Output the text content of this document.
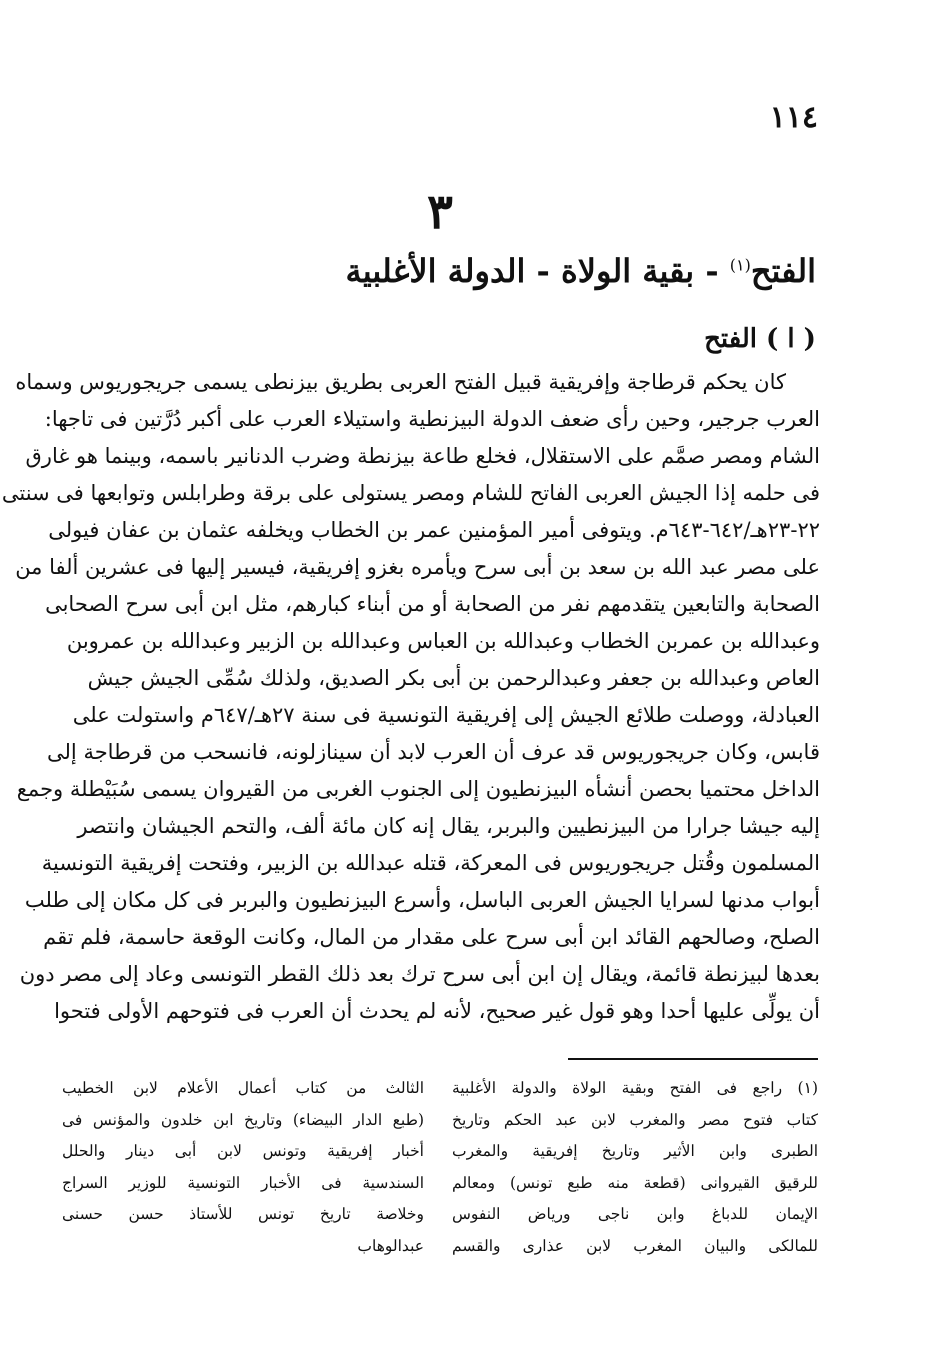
١١٤
٣
الفتح$^{(١)}$ - بقية الولاة - الدولة الأغلبية
( ا ) الفتح
كان يحكم قرطاجة وإفريقية قبيل الفتح العربى بطريق بيزنطى يسمى جريجوريوس وسماه
العرب جرجير، وحين رأى ضعف الدولة البيزنطية واستيلاء العرب على أكبر دُرَّتين فى تاجها:
الشام ومصر صمَّم على الاستقلال، فخلع طاعة بيزنطة وضرب الدنانير باسمه، وبينما هو غارق
فى حلمه إذا الجيش العربى الفاتح للشام ومصر يستولى على برقة وطرابلس وتوابعها فى سنتى
٢٢-٢٣هـ/٦٤٢-٦٤٣م. ويتوفى أمير المؤمنين عمر بن الخطاب ويخلفه عثمان بن عفان فيولى
على مصر عبد الله بن سعد بن أبى سرح ويأمره بغزو إفريقية، فيسير إليها فى عشرين ألفا من
الصحابة والتابعين يتقدمهم نفر من الصحابة أو من أبناء كبارهم، مثل ابن أبى سرح الصحابى
وعبدالله بن عمربن الخطاب وعبدالله بن العباس وعبدالله بن الزبير وعبدالله بن عمروبن
العاص وعبدالله بن جعفر وعبدالرحمن بن أبى بكر الصديق، ولذلك سُمِّى الجيش جيش
العبادلة، ووصلت طلائع الجيش إلى إفريقية التونسية فى سنة ٢٧هـ/٦٤٧م واستولت على
قابس، وكان جريجوريوس قد عرف أن العرب لابد أن سينازلونه، فانسحب من قرطاجة إلى
الداخل محتميا بحصن أنشأه البيزنطيون إلى الجنوب الغربى من القيروان يسمى سُبَيْطلة وجمع
إليه جيشا جرارا من البيزنطيين والبربر، يقال إنه كان مائة ألف، والتحم الجيشان وانتصر
المسلمون وقُتل جريجوريوس فى المعركة، قتله عبدالله بن الزبير، وفتحت إفريقية التونسية
أبواب مدنها لسرايا الجيش العربى الباسل، وأسرع البيزنطيون والبربر فى كل مكان إلى طلب
الصلح، وصالحهم القائد ابن أبى سرح على مقدار من المال، وكانت الوقعة حاسمة، فلم تقم
بعدها لبيزنطة قائمة، ويقال إن ابن أبى سرح ترك بعد ذلك القطر التونسى وعاد إلى مصر دون
أن يولِّى عليها أحدا وهو قول غير صحيح، لأنه لم يحدث أن العرب فى فتوحهم الأولى فتحوا
(١) راجع فى الفتح وبقية الولاة والدولة الأغلبية
كتاب فتوح مصر والمغرب لابن عبد الحكم وتاريخ
الطبرى وابن الأثير وتاريخ إفريقية والمغرب
للرقيق القيروانى (قطعة منه طبع تونس) ومعالم
الإيمان للدباغ وابن ناجى ورياض النفوس
للمالكى والبيان المغرب لابن عذارى والقسم
الثالث من كتاب أعمال الأعلام لابن الخطيب
(طبع الدار البيضاء) وتاريخ ابن خلدون والمؤنس فى
أخبار إفريقية وتونس لابن أبى دينار والحلل
السندسية فى الأخبار التونسية للوزير السراج
وخلاصة تاريخ تونس للأستاذ حسن حسنى
عبدالوهاب
